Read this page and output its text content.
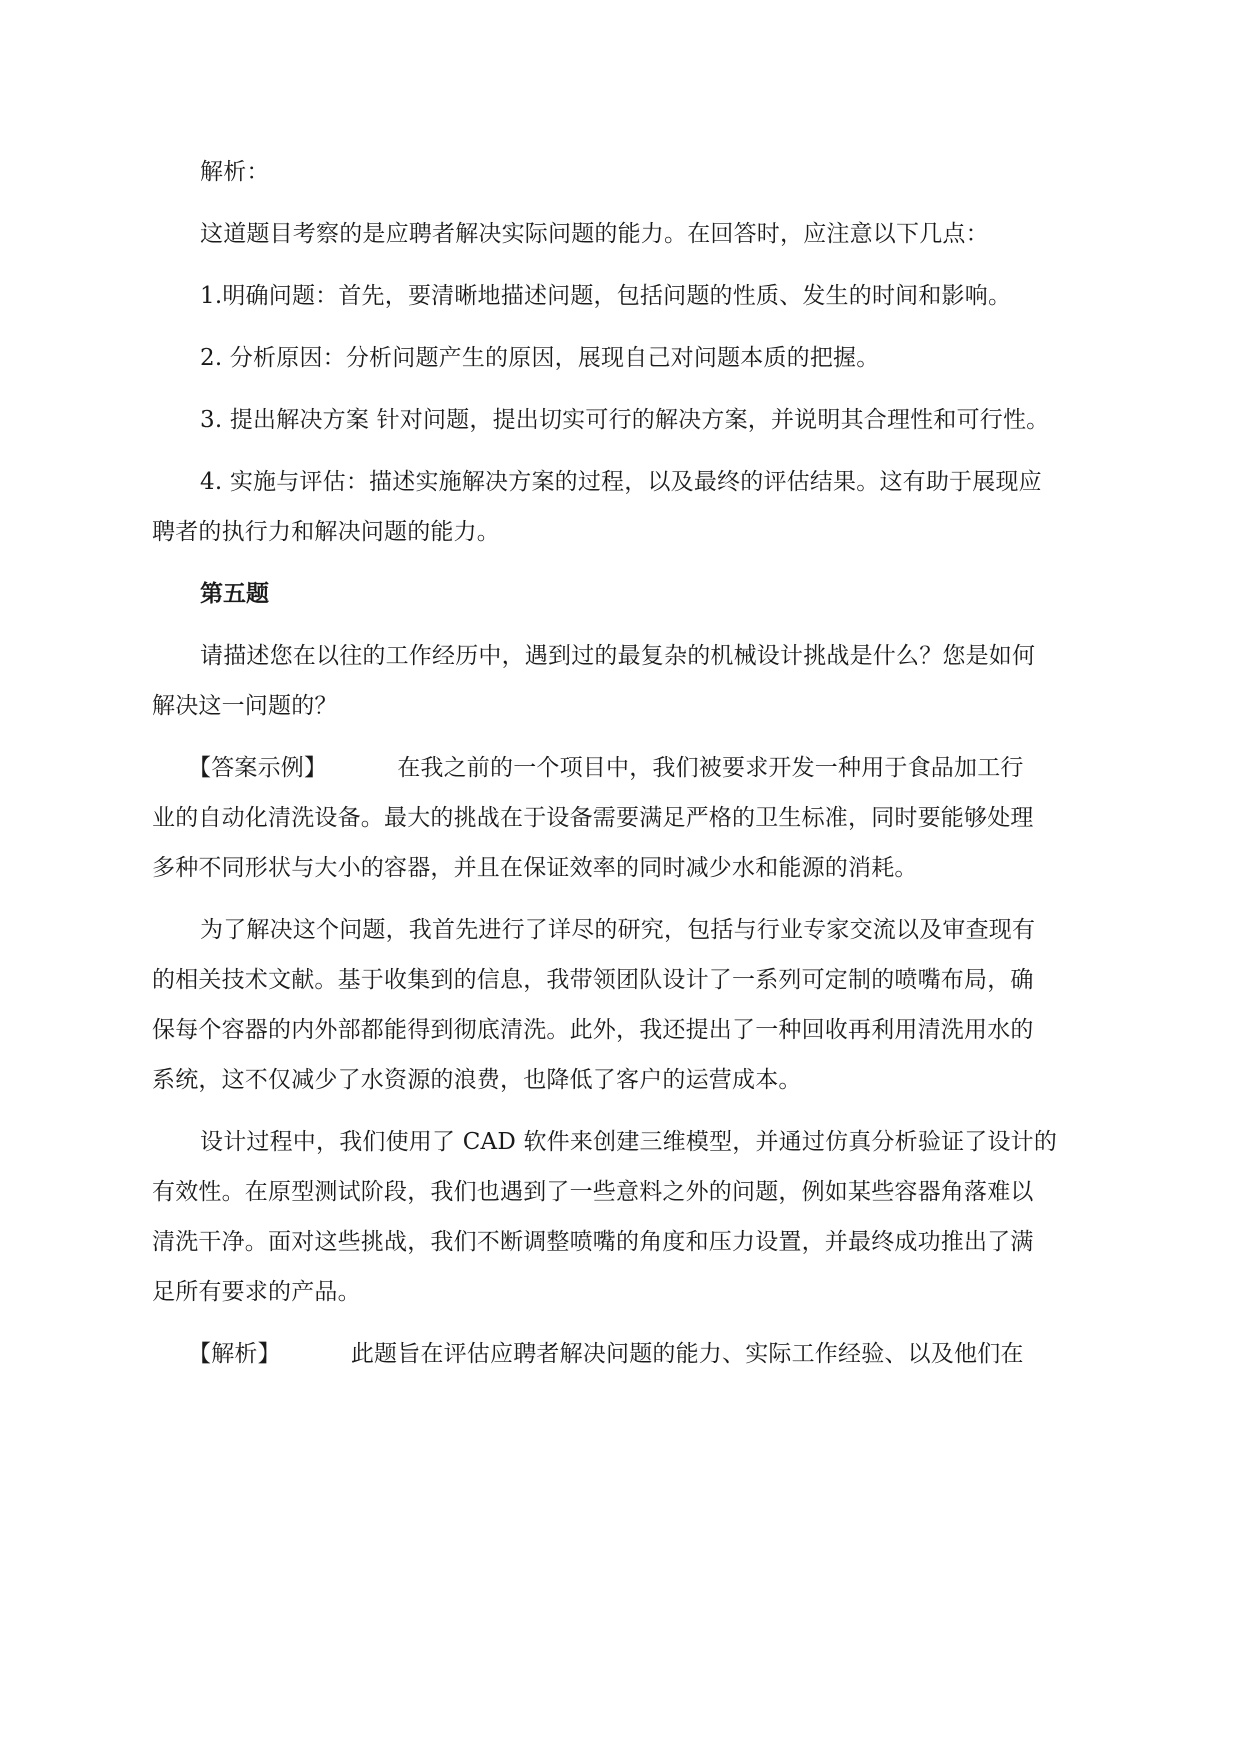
解析：

这道题目考察的是应聘者解决实际问题的能力。在回答时，应注意以下几点：

1.明确问题：首先，要清晰地描述问题，包括问题的性质、发生的时间和影响。

2. 分析原因：分析问题产生的原因，展现自己对问题本质的把握。

3. 提出解决方案 针对问题，提出切实可行的解决方案，并说明其合理性和可行性。

4. 实施与评估：描述实施解决方案的过程，以及最终的评估结果。这有助于展现应
聘者的执行力和解决问题的能力。

第五题

请描述您在以往的工作经历中，遇到过的最复杂的机械设计挑战是什么？您是如何
解决这一问题的？
【答案示例】	在我之前的一个项目中，我们被要求开发一种用于食品加工行
业的自动化清洗设备。最大的挑战在于设备需要满足严格的卫生标准，同时要能够处理
多种不同形状与大小的容器，并且在保证效率的同时减少水和能源的消耗。
为了解决这个问题，我首先进行了详尽的研究，包括与行业专家交流以及审查现有
的相关技术文献。基于收集到的信息，我带领团队设计了一系列可定制的喷嘴布局，确
保每个容器的内外部都能得到彻底清洗。此外，我还提出了一种回收再利用清洗用水的
系统，这不仅减少了水资源的浪费，也降低了客户的运营成本。
设计过程中，我们使用了 CAD 软件来创建三维模型，并通过仿真分析验证了设计的
有效性。在原型测试阶段，我们也遇到了一些意料之外的问题，例如某些容器角落难以
清洗干净。面对这些挑战，我们不断调整喷嘴的角度和压力设置，并最终成功推出了满
足所有要求的产品。
【解析】	此题旨在评估应聘者解决问题的能力、实际工作经验、以及他们在
